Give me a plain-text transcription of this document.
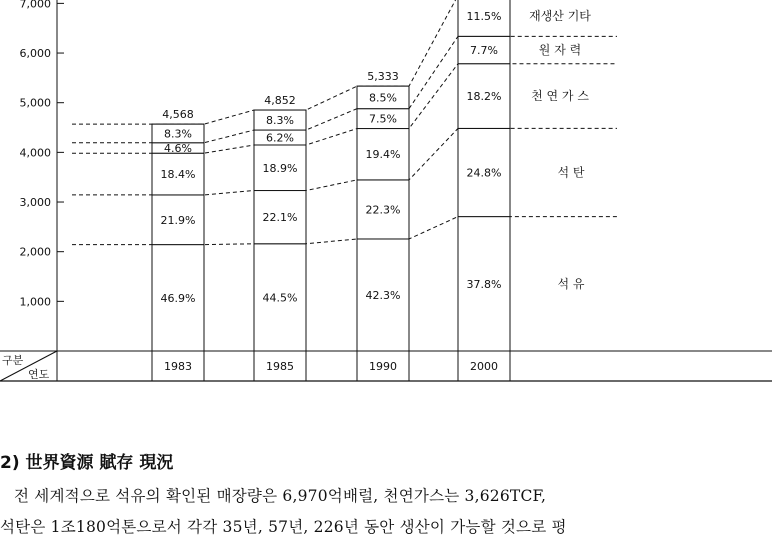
1,000
2,000
3,000
4,000
5,000
6,000
7,000
46.9%
21.9%
18.4%
4.6%
8.3%
4,568
44.5%
22.1%
18.9%
6.2%
8.3%
4,852
42.3%
22.3%
19.4%
7.5%
8.5%
5,333
37.8%
24.8%
18.2%
7.7%
11.5%
석 유
석 탄
천 연 가 스
원 자 력
재생산 기타
구분
연도
1983	1985	1990	2000
2) 世界資源 賦存 現況
전 세계적으로 석유의 확인된 매장량은 6,970억배럴, 천연가스는 3,626TCF,
석탄은 1조180억톤으로서 각각 35년, 57년, 226년 동안 생산이 가능할 것으로 평
